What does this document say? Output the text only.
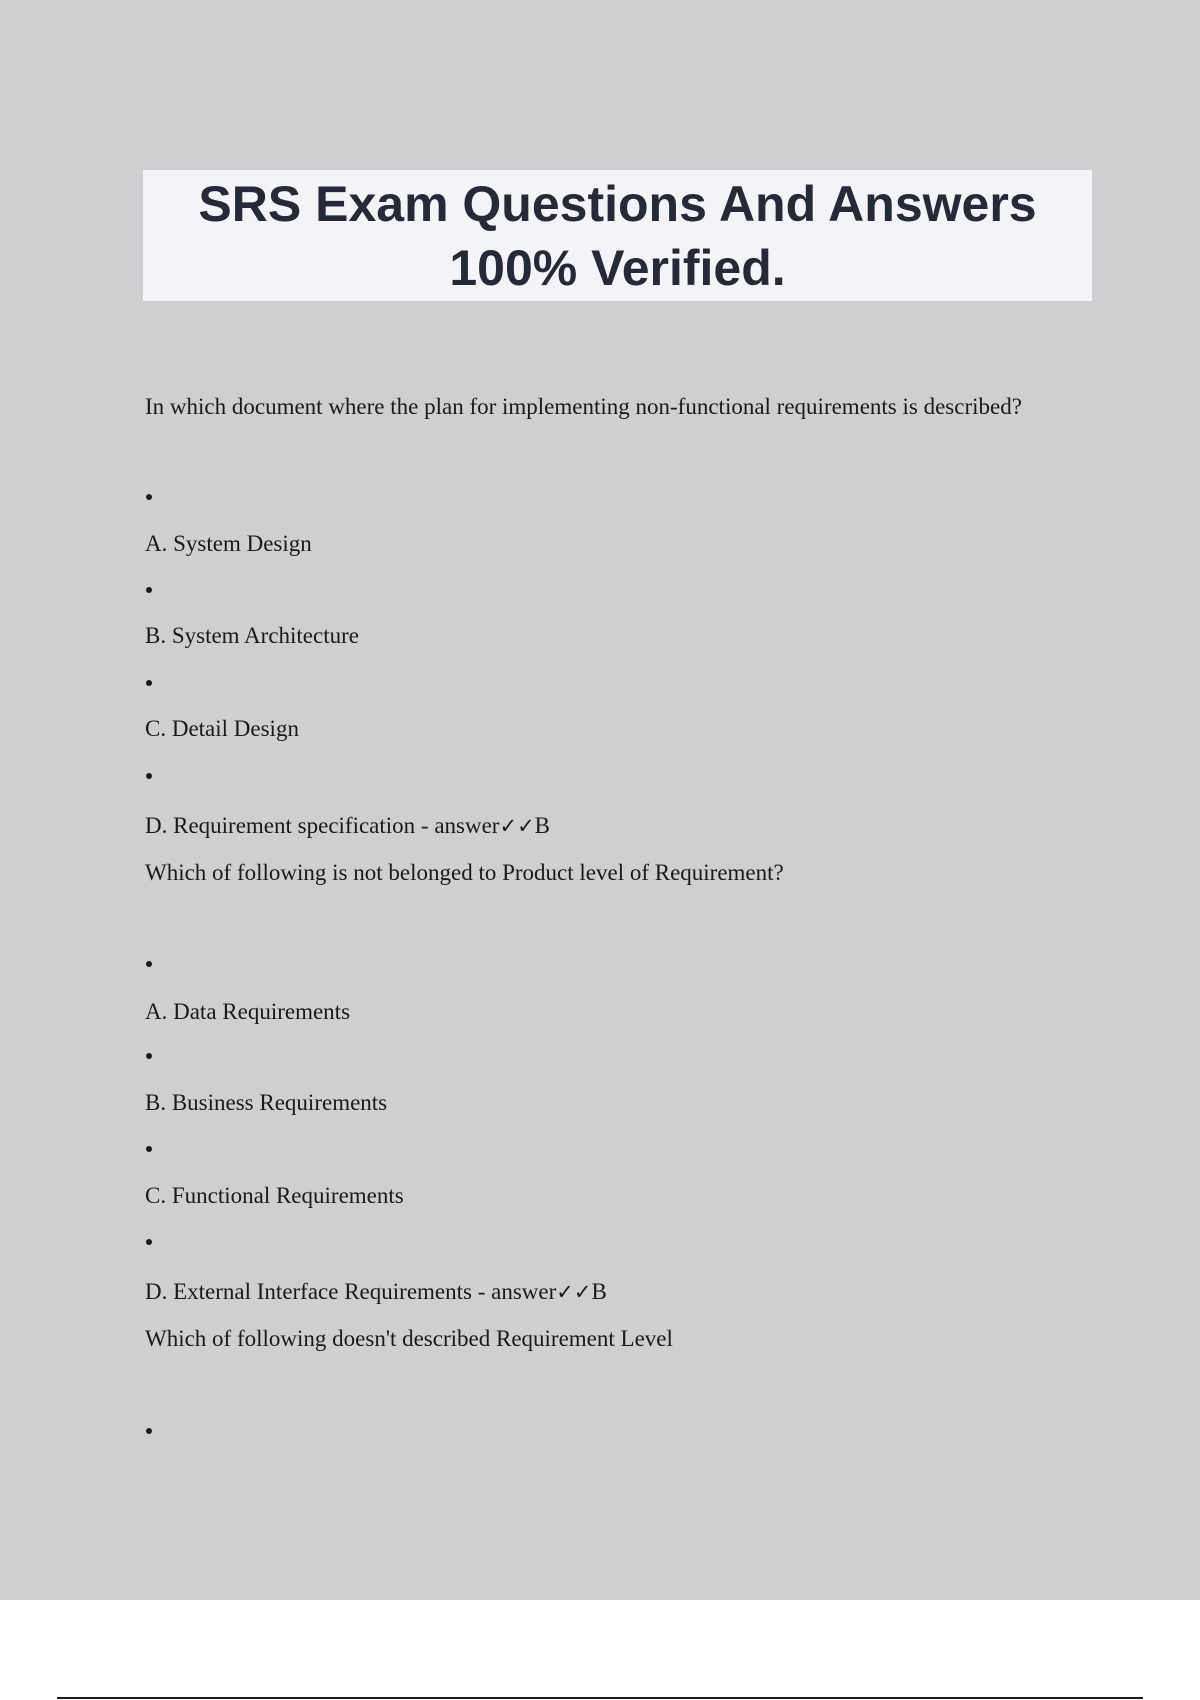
SRS Exam Questions And Answers
100% Verified.

In which document where the plan for implementing non-functional requirements is described?

A. System Design

B. System Architecture

C. Detail Design

D. Requirement specification - answer✓✓B

Which of following is not belonged to Product level of Requirement?

A. Data Requirements

B. Business Requirements

C. Functional Requirements

D. External Interface Requirements - answer✓✓B

Which of following doesn't described Requirement Level
